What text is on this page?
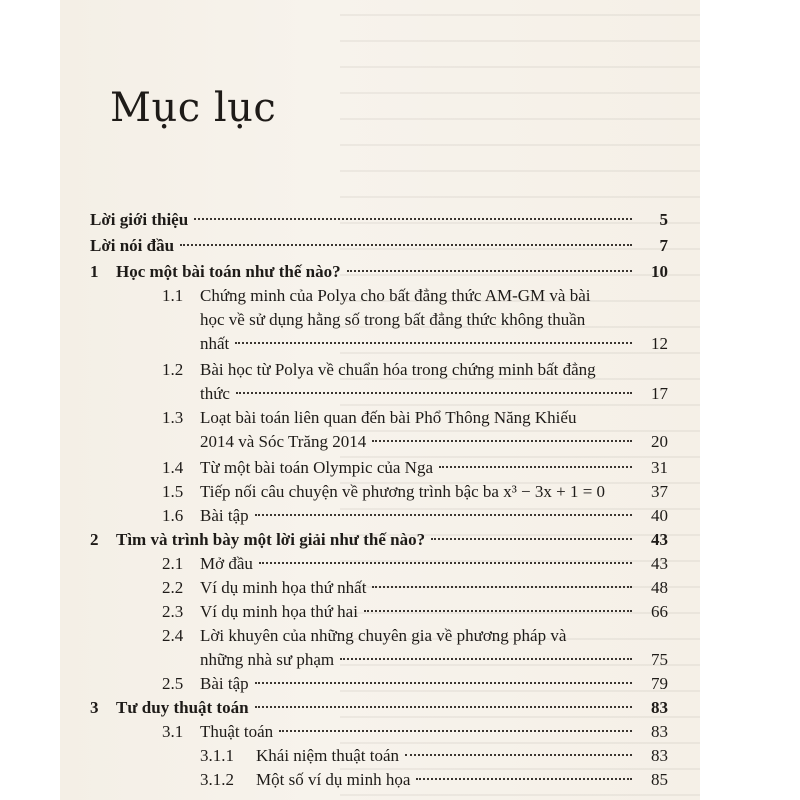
Mục lục
Lời giới thiệu	5
Lời nói đầu	7
1	Học một bài toán như thế nào?	10
1.1 Chứng minh của Polya cho bất đẳng thức AM-GM và bài
học về sử dụng hằng số trong bất đẳng thức không thuần
nhất	12
1.2 Bài học từ Polya về chuẩn hóa trong chứng minh bất đẳng
thức	17
1.3 Loạt bài toán liên quan đến bài Phổ Thông Năng Khiếu
2014 và Sóc Trăng 2014	20
1.4 Từ một bài toán Olympic của Nga	31
1.5 Tiếp nối câu chuyện về phương trình bậc ba x³ − 3x + 1 = 0	37
1.6 Bài tập	40
2	Tìm và trình bày một lời giải như thế nào?	43
2.1 Mở đầu	43
2.2 Ví dụ minh họa thứ nhất	48
2.3 Ví dụ minh họa thứ hai	66
2.4 Lời khuyên của những chuyên gia về phương pháp và
những nhà sư phạm	75
2.5 Bài tập	79
3	Tư duy thuật toán	83
3.1 Thuật toán	83
3.1.1	Khái niệm thuật toán	83
3.1.2	Một số ví dụ minh họa	85
